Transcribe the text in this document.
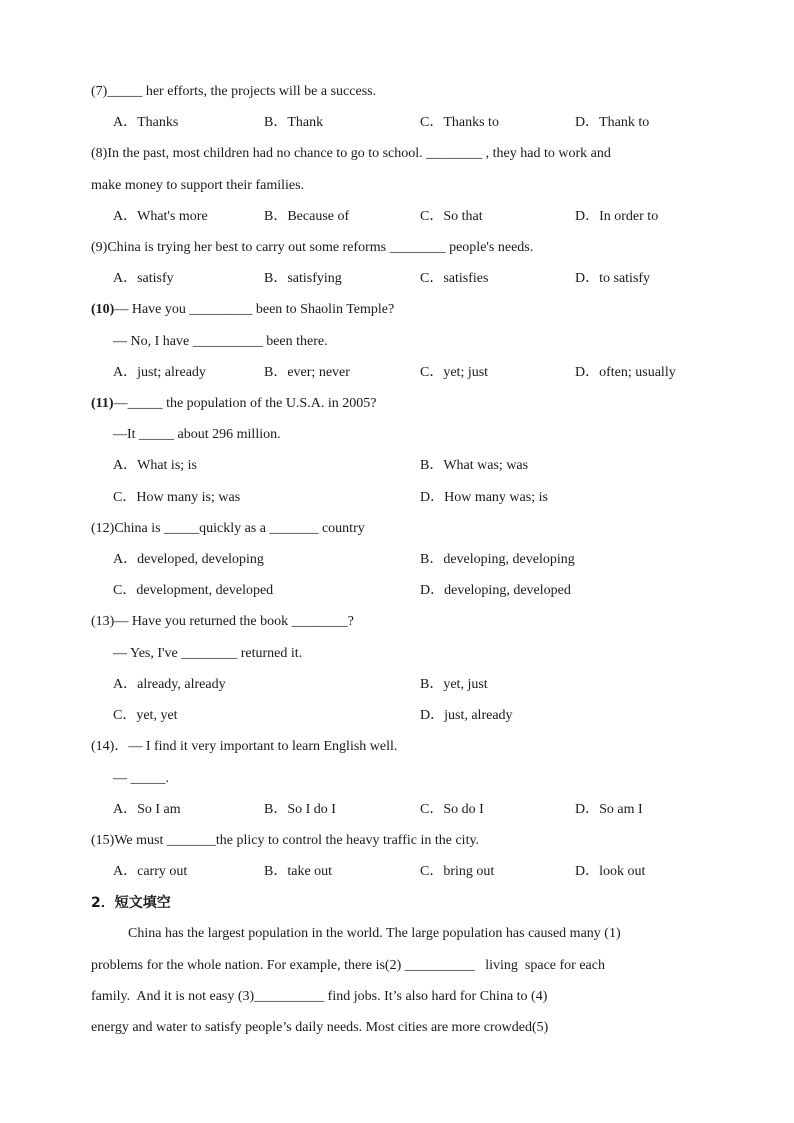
(7)_____ her efforts, the projects will be a success.
A．Thanks	B．Thank	C．Thanks to	D．Thank to
(8)In the past, most children had no chance to go to school. ________ , they had to work and
make money to support their families.
A．What's more	B．Because of	C．So that	D．In order to
(9)China is trying her best to carry out some reforms ________ people's needs.
A．satisfy	B．satisfying	C．satisfies	D．to satisfy
(10)— Have you _________ been to Shaolin Temple?
— No, I have __________ been there.
A．just; already	B．ever; never	C．yet; just	D．often; usually
(11)—_____ the population of the U.S.A. in 2005?
—It _____ about 296 million.
A．What is; is	B．What was; was
C．How many is; was	D．How many was; is
(12)China is _____quickly as a _______ country
A．developed, developing	B．developing, developing
C．development, developed	D．developing, developed
(13)— Have you returned the book ________?
— Yes, I've ________ returned it.
A．already, already	B．yet, just
C．yet, yet	D．just, already
(14)．— I find it very important to learn English well.
— _____.
A．So I am	B．So I do I	C．So do I	D．So am I
(15)We must _______the plicy to control the heavy traffic in the city.
A．carry out	B．take out	C．bring out	D．look out
2．短文填空
China has the largest population in the world. The large population has caused many (1)
problems for the whole nation. For example, there is(2) __________   living  space for each
family.  And it is not easy (3)__________ find jobs. It’s also hard for China to (4)
energy and water to satisfy people’s daily needs. Most cities are more crowded(5)
